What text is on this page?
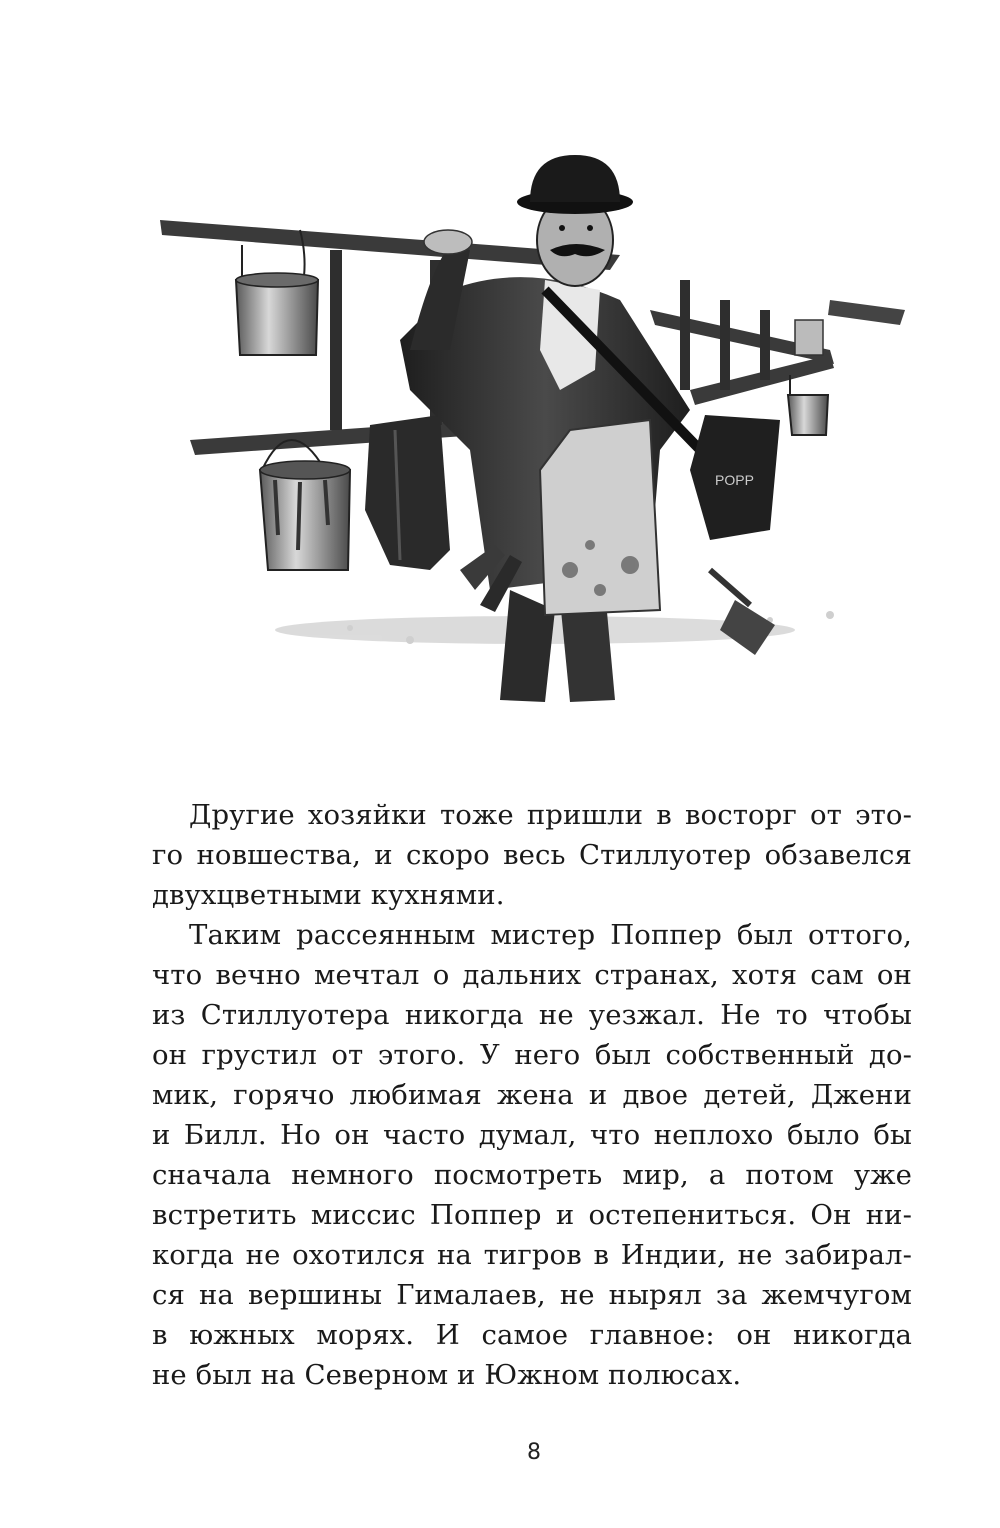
POPP
Другие хозяйки тоже пришли в восторг от это-
го новшества, и скоро весь Стиллуотер обзавелся
двухцветными кухнями.
Таким рассеянным мистер Поппер был оттого,
что вечно мечтал о дальних странах, хотя сам он
из Стиллуотера никогда не уезжал. Не то чтобы
он грустил от этого. У него был собственный до-
мик, горячо любимая жена и двое детей, Джени
и Билл. Но он часто думал, что неплохо было бы
сначала немного посмотреть мир, а потом уже
встретить миссис Поппер и остепениться. Он ни-
когда не охотился на тигров в Индии, не забирал-
ся на вершины Гималаев, не нырял за жемчугом
в южных морях. И самое главное: он никогда
не был на Северном и Южном полюсах.
8
